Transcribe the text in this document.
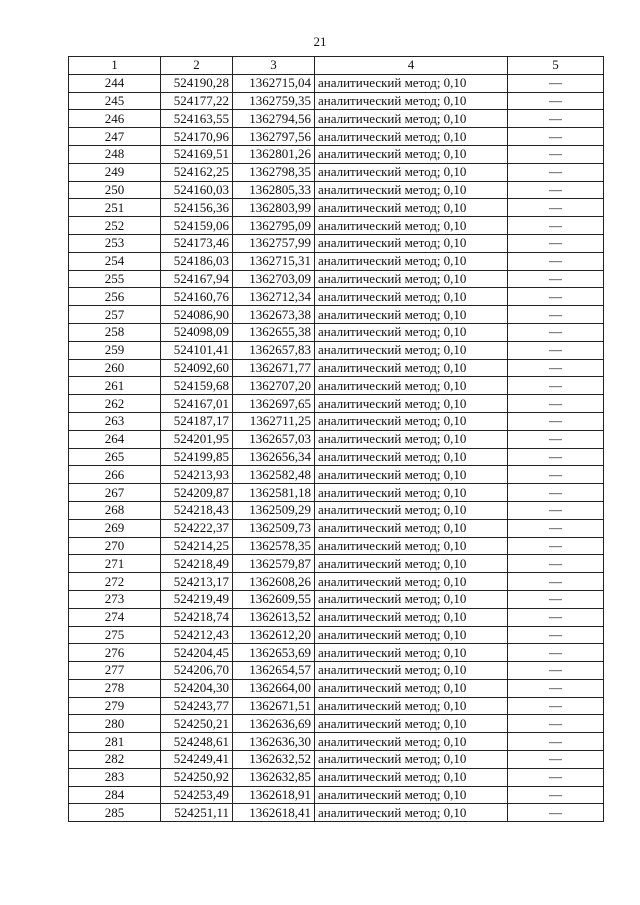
21
1	2	3	4	5
244	524190,28	1362715,04	аналитический метод; 0,10	—
245	524177,22	1362759,35	аналитический метод; 0,10	—
246	524163,55	1362794,56	аналитический метод; 0,10	—
247	524170,96	1362797,56	аналитический метод; 0,10	—
248	524169,51	1362801,26	аналитический метод; 0,10	—
249	524162,25	1362798,35	аналитический метод; 0,10	—
250	524160,03	1362805,33	аналитический метод; 0,10	—
251	524156,36	1362803,99	аналитический метод; 0,10	—
252	524159,06	1362795,09	аналитический метод; 0,10	—
253	524173,46	1362757,99	аналитический метод; 0,10	—
254	524186,03	1362715,31	аналитический метод; 0,10	—
255	524167,94	1362703,09	аналитический метод; 0,10	—
256	524160,76	1362712,34	аналитический метод; 0,10	—
257	524086,90	1362673,38	аналитический метод; 0,10	—
258	524098,09	1362655,38	аналитический метод; 0,10	—
259	524101,41	1362657,83	аналитический метод; 0,10	—
260	524092,60	1362671,77	аналитический метод; 0,10	—
261	524159,68	1362707,20	аналитический метод; 0,10	—
262	524167,01	1362697,65	аналитический метод; 0,10	—
263	524187,17	1362711,25	аналитический метод; 0,10	—
264	524201,95	1362657,03	аналитический метод; 0,10	—
265	524199,85	1362656,34	аналитический метод; 0,10	—
266	524213,93	1362582,48	аналитический метод; 0,10	—
267	524209,87	1362581,18	аналитический метод; 0,10	—
268	524218,43	1362509,29	аналитический метод; 0,10	—
269	524222,37	1362509,73	аналитический метод; 0,10	—
270	524214,25	1362578,35	аналитический метод; 0,10	—
271	524218,49	1362579,87	аналитический метод; 0,10	—
272	524213,17	1362608,26	аналитический метод; 0,10	—
273	524219,49	1362609,55	аналитический метод; 0,10	—
274	524218,74	1362613,52	аналитический метод; 0,10	—
275	524212,43	1362612,20	аналитический метод; 0,10	—
276	524204,45	1362653,69	аналитический метод; 0,10	—
277	524206,70	1362654,57	аналитический метод; 0,10	—
278	524204,30	1362664,00	аналитический метод; 0,10	—
279	524243,77	1362671,51	аналитический метод; 0,10	—
280	524250,21	1362636,69	аналитический метод; 0,10	—
281	524248,61	1362636,30	аналитический метод; 0,10	—
282	524249,41	1362632,52	аналитический метод; 0,10	—
283	524250,92	1362632,85	аналитический метод; 0,10	—
284	524253,49	1362618,91	аналитический метод; 0,10	—
285	524251,11	1362618,41	аналитический метод; 0,10	—
